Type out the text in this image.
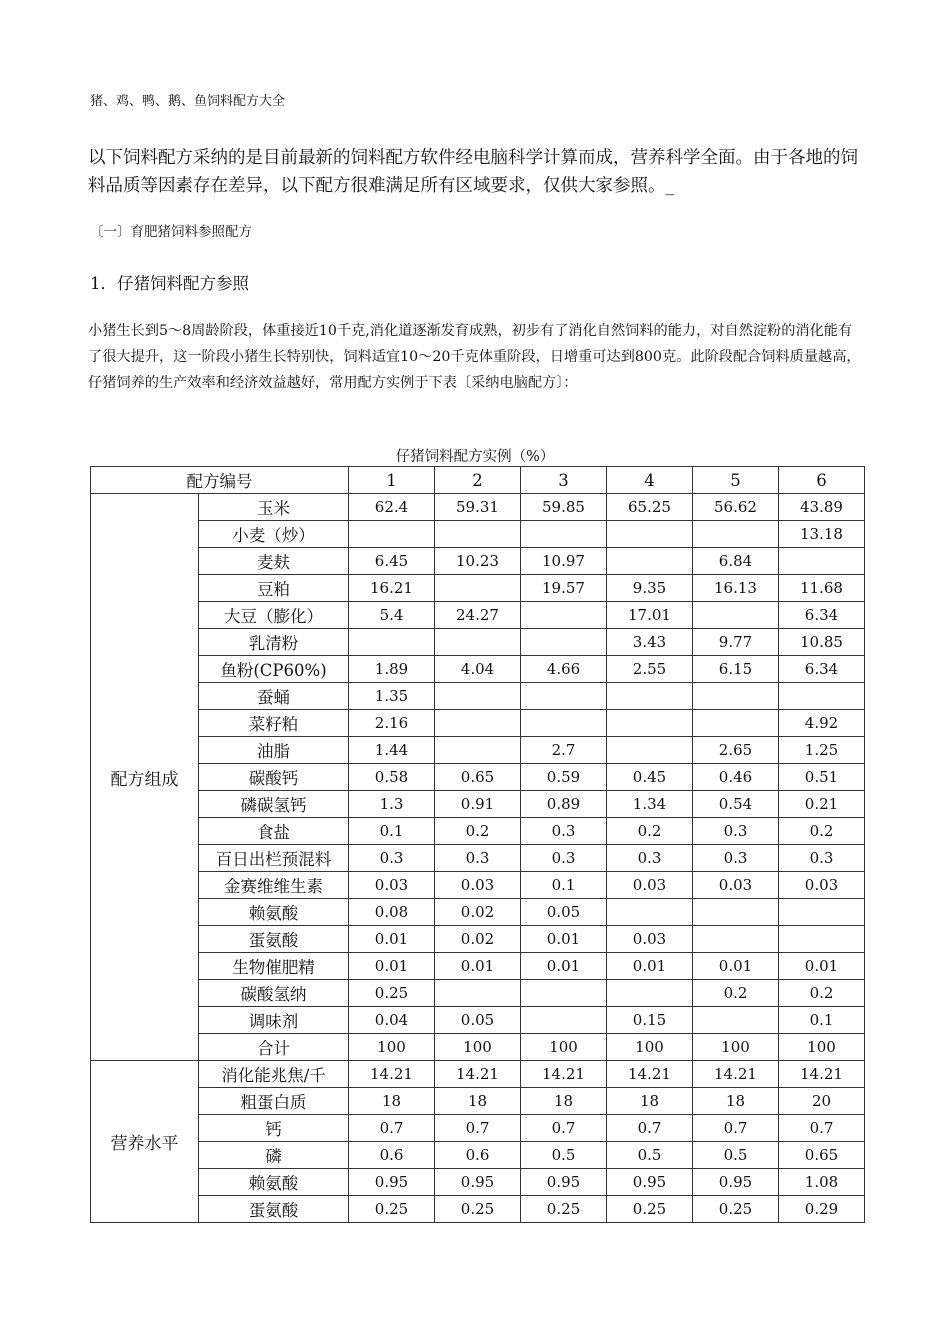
猪、鸡、鸭、鹅、鱼饲料配方大全
以下饲料配方采纳的是目前最新的饲料配方软件经电脑科学计算而成，营养科学全面。由于各地的饲料品质等因素存在差异，以下配方很难满足所有区域要求，仅供大家参照。_
〔一〕育肥猪饲料参照配方
1．仔猪饲料配方参照
小猪生长到5～8周龄阶段，体重接近10千克,消化道逐渐发育成熟，初步有了消化自然饲料的能力，对自然淀粉的消化能有了很大提升，这一阶段小猪生长特别快，饲料适宜10～20千克体重阶段，日增重可达到800克。此阶段配合饲料质量越高，仔猪饲养的生产效率和经济效益越好，常用配方实例于下表〔采纳电脑配方〕：
仔猪饲料配方实例（%）
配方编号		1	2	3	4	5	6
配方组成	玉米	62.4	59.31	59.85	65.25	56.62	43.89
	小麦（炒）						13.18
	麦麸	6.45	10.23	10.97		6.84	
	豆粕	16.21		19.57	9.35	16.13	11.68
	大豆（膨化）	5.4	24.27		17.01		6.34
	乳清粉				3.43	9.77	10.85
	鱼粉(CP60%)	1.89	4.04	4.66	2.55	6.15	6.34
	蚕蛹	1.35					
	菜籽粕	2.16					4.92
	油脂	1.44		2.7		2.65	1.25
	碳酸钙	0.58	0.65	0.59	0.45	0.46	0.51
	磷碳氢钙	1.3	0.91	0.89	1.34	0.54	0.21
	食盐	0.1	0.2	0.3	0.2	0.3	0.2
	百日出栏预混料	0.3	0.3	0.3	0.3	0.3	0.3
	金赛维维生素	0.03	0.03	0.1	0.03	0.03	0.03
	赖氨酸	0.08	0.02	0.05			
	蛋氨酸	0.01	0.02	0.01	0.03		
	生物催肥精	0.01	0.01	0.01	0.01	0.01	0.01
	碳酸氢纳	0.25				0.2	0.2
	调味剂	0.04	0.05		0.15		0.1
	合计	100	100	100	100	100	100
营养水平	消化能兆焦/千	14.21	14.21	14.21	14.21	14.21	14.21
	粗蛋白质	18	18	18	18	18	20
	钙	0.7	0.7	0.7	0.7	0.7	0.7
	磷	0.6	0.6	0.5	0.5	0.5	0.65
	赖氨酸	0.95	0.95	0.95	0.95	0.95	1.08
	蛋氨酸	0.25	0.25	0.25	0.25	0.25	0.29
